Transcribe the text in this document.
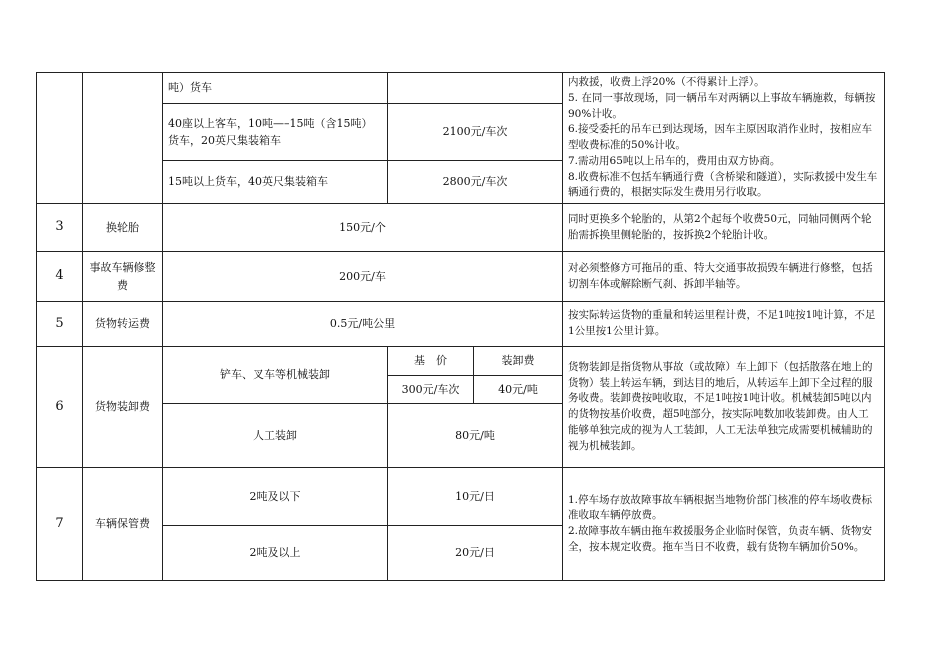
		吨）货车			内救援，收费上浮20%（不得累计上浮）。
5. 在同一事故现场，同一辆吊车对两辆以上事故车辆施救，每辆按90%计收。
6.接受委托的吊车已到达现场，因车主原因取消作业时，按相应车型收费标准的50%计收。
7.需动用65吨以上吊车的，费用由双方协商。
8.收费标准不包括车辆通行费（含桥梁和隧道），实际救援中发生车辆通行费的，根据实际发生费用另行收取。

		40座以上客车，10吨—–15吨（含15吨）货车，20英尺集装箱车	2100元/车次		
		15吨以上货车，40英尺集装箱车	2800元/车次		
3	换轮胎	150元/个			同时更换多个轮胎的，从第2个起每个收费50元，同轴同侧两个轮胎需拆换里侧轮胎的，按拆换2个轮胎计收。
4	事故车辆修整费	200元/车			对必须整修方可拖吊的重、特大交通事故损毁车辆进行修整，包括切割车体或解除断气刹、拆卸半轴等。
5	货物转运费	0.5元/吨公里			按实际转运货物的重量和转运里程计费，不足1吨按1吨计算，不足1公里按1公里计算。
6	货物装卸费	铲车、叉车等机械装卸	基　价	装卸费	货物装卸是指货物从事故（或故障）车上卸下（包括散落在地上的货物）装上转运车辆，到达目的地后，从转运车上卸下全过程的服务收费。装卸费按吨收取，不足1吨按1吨计收。机械装卸5吨以内的货物按基价收费，超5吨部分，按实际吨数加收装卸费。由人工能够单独完成的视为人工装卸，人工无法单独完成需要机械辅助的视为机械装卸。
			300元/车次	40元/吨	
		人工装卸	80元/吨		
7	车辆保管费	2吨及以下	10元/日		1.停车场存放故障事故车辆根据当地物价部门核准的停车场收费标准收取车辆停放费。
2.故障事故车辆由拖车救援服务企业临时保管，负责车辆、货物安全，按本规定收费。拖车当日不收费，载有货物车辆加价50%。

		2吨及以上	20元/日		
